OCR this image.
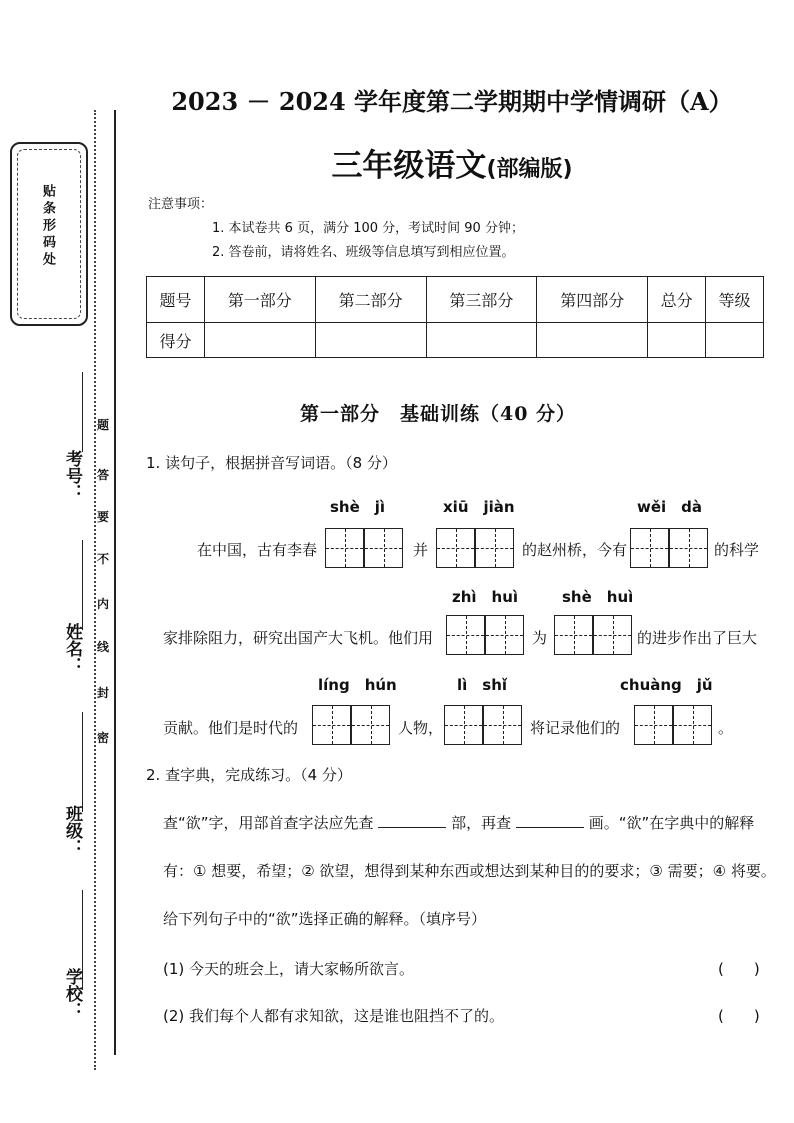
贴条形码处
考号：
姓名：
班级：
学校：
题
答
要
不
内
线
封
密
2023 － 2024 学年度第二学期期中学情调研（A）
三年级语文(部编版)
注意事项：
1. 本试卷共 6 页，满分 100 分，考试时间 90 分钟；
2. 答卷前，请将姓名、班级等信息填写到相应位置。
题号	第一部分	第二部分	第三部分	第四部分	总分	等级
得分						
第一部分　基础训练（40 分）
1. 读句子，根据拼音写词语。（8 分）
shè　jì	xiū　jiàn	wěi　dà
在中国，古有李春	并	的赵州桥，今有	的科学
zhì　huì	shè　huì
家排除阻力，研究出国产大飞机。他们用	为	的进步作出了巨大
líng　hún	lì　shǐ	chuàng　jǔ
贡献。他们是时代的	人物，	将记录他们的	。
2. 查字典，完成练习。（4 分）
查“欲”字，用部首查字法应先查	部，再查	画。“欲”在字典中的解释
有：① 想要，希望；② 欲望，想得到某种东西或想达到某种目的的要求；③ 需要；④ 将要。
给下列句子中的“欲”选择正确的解释。（填序号）
(1) 今天的班会上，请大家畅所欲言。	(　　)
(2) 我们每个人都有求知欲，这是谁也阻挡不了的。	(　　)
